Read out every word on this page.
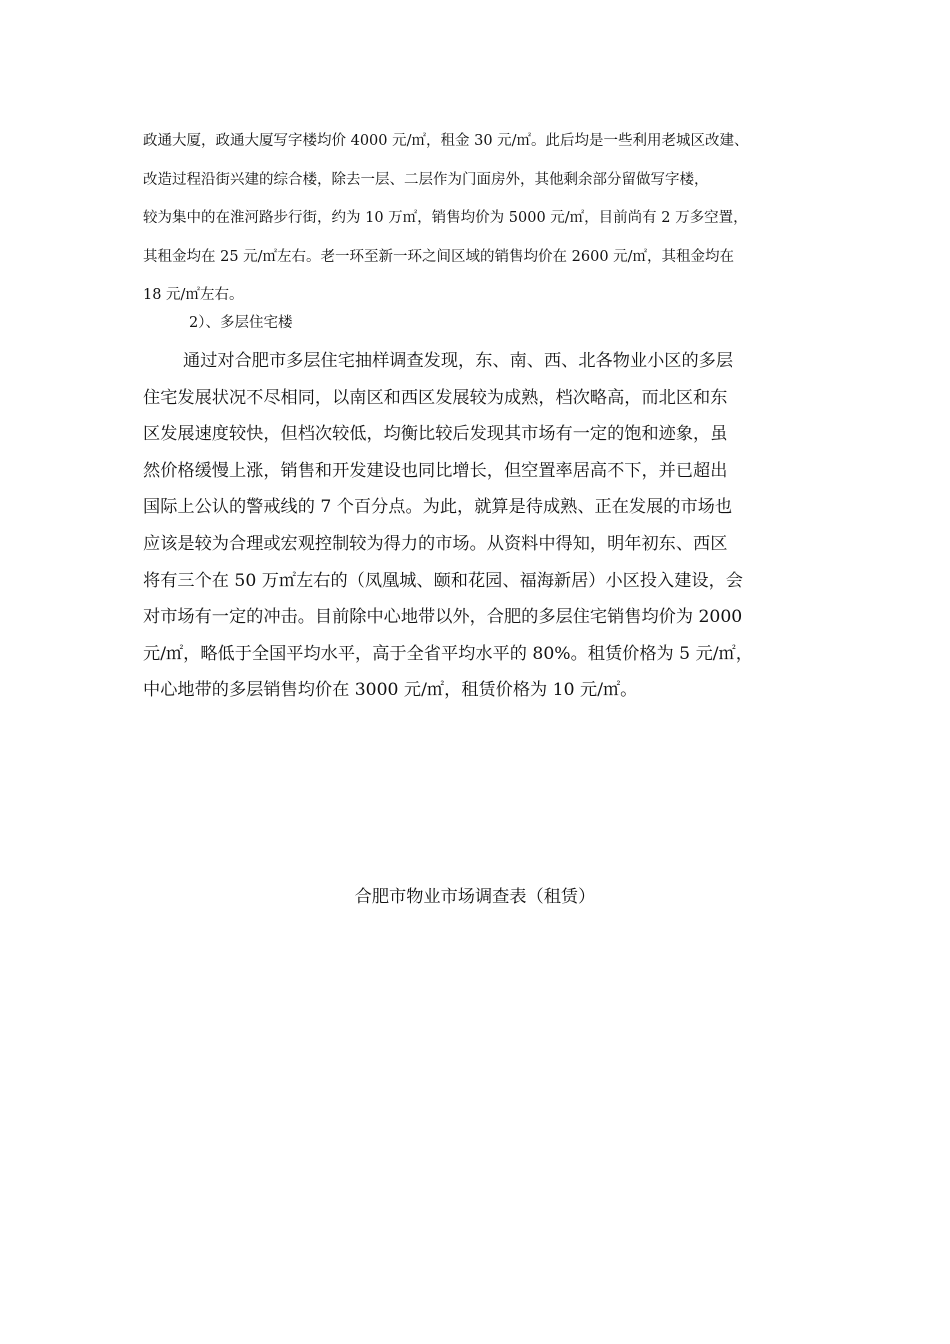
政通大厦，政通大厦写字楼均价 4000 元/㎡，租金 30 元/㎡。此后均是一些利用老城区改建、
改造过程沿街兴建的综合楼，除去一层、二层作为门面房外，其他剩余部分留做写字楼，
较为集中的在淮河路步行街，约为 10 万㎡，销售均价为 5000 元/㎡，目前尚有 2 万多空置，
其租金均在 25 元/㎡左右。老一环至新一环之间区域的销售均价在 2600 元/㎡，其租金均在
18 元/㎡左右。
2）、多层住宅楼
通过对合肥市多层住宅抽样调查发现，东、南、西、北各物业小区的多层
住宅发展状况不尽相同，以南区和西区发展较为成熟，档次略高，而北区和东
区发展速度较快，但档次较低，均衡比较后发现其市场有一定的饱和迹象，虽
然价格缓慢上涨，销售和开发建设也同比增长，但空置率居高不下，并已超出
国际上公认的警戒线的 7 个百分点。为此，就算是待成熟、正在发展的市场也
应该是较为合理或宏观控制较为得力的市场。从资料中得知，明年初东、西区
将有三个在 50 万㎡左右的（凤凰城、颐和花园、福海新居）小区投入建设，会
对市场有一定的冲击。目前除中心地带以外，合肥的多层住宅销售均价为 2000
元/㎡，略低于全国平均水平，高于全省平均水平的 80%。租赁价格为 5 元/㎡，
中心地带的多层销售均价在 3000 元/㎡，租赁价格为 10 元/㎡。
合肥市物业市场调查表（租赁）
